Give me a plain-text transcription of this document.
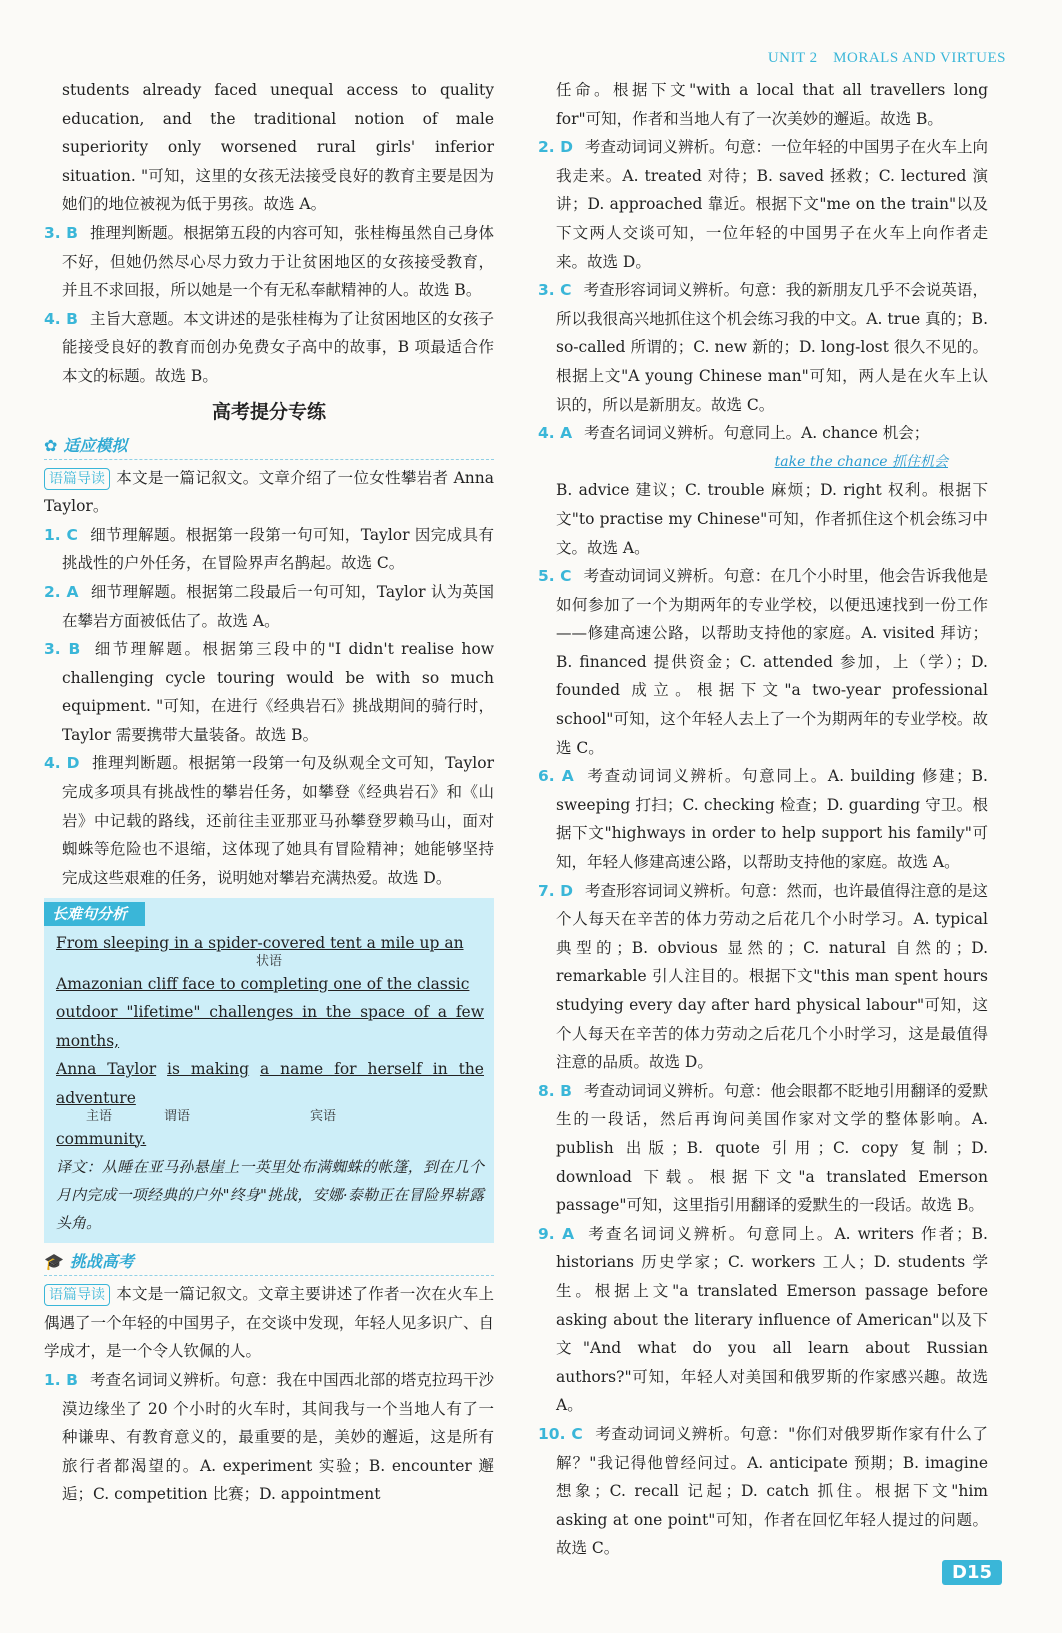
UNIT 2　MORALS AND VIRTUES

students already faced unequal access to quality education, and the traditional notion of male superiority only worsened rural girls' inferior situation. "可知，这里的女孩无法接受良好的教育主要是因为她们的地位被视为低于男孩。故选 A。

3. B 推理判断题。根据第五段的内容可知，张桂梅虽然自己身体不好，但她仍然尽心尽力致力于让贫困地区的女孩接受教育，并且不求回报，所以她是一个有无私奉献精神的人。故选 B。

4. B 主旨大意题。本文讲述的是张桂梅为了让贫困地区的女孩子能接受良好的教育而创办免费女子高中的故事，B 项最适合作本文的标题。故选 B。

高考提分专练
✿ 适应模拟

语篇导读 本文是一篇记叙文。文章介绍了一位女性攀岩者 Anna Taylor。

1. C 细节理解题。根据第一段第一句可知，Taylor 因完成具有挑战性的户外任务，在冒险界声名鹊起。故选 C。

2. A 细节理解题。根据第二段最后一句可知，Taylor 认为英国在攀岩方面被低估了。故选 A。

3. B 细节理解题。根据第三段中的"I didn't realise how challenging cycle touring would be with so much equipment. "可知，在进行《经典岩石》挑战期间的骑行时，Taylor 需要携带大量装备。故选 B。

4. D 推理判断题。根据第一段第一句及纵观全文可知，Taylor 完成多项具有挑战性的攀岩任务，如攀登《经典岩石》和《山岩》中记载的路线，还前往圭亚那亚马孙攀登罗赖马山，面对蜘蛛等危险也不退缩，这体现了她具有冒险精神；她能够坚持完成这些艰难的任务，说明她对攀岩充满热爱。故选 D。

长难句分析

From sleeping in a spider-covered tent a mile up an

状语

Amazonian cliff face to completing one of the classic

outdoor "lifetime" challenges in the space of a few months,

Anna Taylor is making a name for herself in the adventure

主语	谓语	宾语

community.

译文：从睡在亚马孙悬崖上一英里处布满蜘蛛的帐篷，到在几个月内完成一项经典的户外"终身"挑战，安娜·泰勒正在冒险界崭露头角。

🎓 挑战高考

语篇导读 本文是一篇记叙文。文章主要讲述了作者一次在火车上偶遇了一个年轻的中国男子，在交谈中发现，年轻人见多识广、自学成才，是一个令人钦佩的人。

1. B 考查名词词义辨析。句意：我在中国西北部的塔克拉玛干沙漠边缘坐了 20 个小时的火车时，其间我与一个当地人有了一种谦卑、有教育意义的，最重要的是，美妙的邂逅，这是所有旅行者都渴望的。A. experiment 实验；B. encounter 邂逅；C. competition 比赛；D. appointment

任命。根据下文"with a local that all travellers long for"可知，作者和当地人有了一次美妙的邂逅。故选 B。

2. D 考查动词词义辨析。句意：一位年轻的中国男子在火车上向我走来。A. treated 对待；B. saved 拯救；C. lectured 演讲；D. approached 靠近。根据下文"me on the train"以及下文两人交谈可知，一位年轻的中国男子在火车上向作者走来。故选 D。

3. C 考查形容词词义辨析。句意：我的新朋友几乎不会说英语，所以我很高兴地抓住这个机会练习我的中文。A. true 真的；B. so-called 所谓的；C. new 新的；D. long-lost 很久不见的。根据上文"A young Chinese man"可知，两人是在火车上认识的，所以是新朋友。故选 C。

4. A 考查名词词义辨析。句意同上。A. chance 机会；

take the chance 抓住机会

B. advice 建议；C. trouble 麻烦；D. right 权利。根据下文"to practise my Chinese"可知，作者抓住这个机会练习中文。故选 A。

5. C 考查动词词义辨析。句意：在几个小时里，他会告诉我他是如何参加了一个为期两年的专业学校，以便迅速找到一份工作——修建高速公路，以帮助支持他的家庭。A. visited 拜访；B. financed 提供资金；C. attended 参加，上（学）；D. founded 成立。根据下文"a two-year professional school"可知，这个年轻人去上了一个为期两年的专业学校。故选 C。

6. A 考查动词词义辨析。句意同上。A. building 修建；B. sweeping 打扫；C. checking 检查；D. guarding 守卫。根据下文"highways in order to help support his family"可知，年轻人修建高速公路，以帮助支持他的家庭。故选 A。

7. D 考查形容词词义辨析。句意：然而，也许最值得注意的是这个人每天在辛苦的体力劳动之后花几个小时学习。A. typical 典型的；B. obvious 显然的；C. natural 自然的；D. remarkable 引人注目的。根据下文"this man spent hours studying every day after hard physical labour"可知，这个人每天在辛苦的体力劳动之后花几个小时学习，这是最值得注意的品质。故选 D。

8. B 考查动词词义辨析。句意：他会眼都不眨地引用翻译的爱默生的一段话，然后再询问美国作家对文学的整体影响。A. publish 出版；B. quote 引用；C. copy 复制；D. download 下载。根据下文"a translated Emerson passage"可知，这里指引用翻译的爱默生的一段话。故选 B。

9. A 考查名词词义辨析。句意同上。A. writers 作者；B. historians 历史学家；C. workers 工人；D. students 学生。根据上文"a translated Emerson passage before asking about the literary influence of American"以及下文"And what do you all learn about Russian authors?"可知，年轻人对美国和俄罗斯的作家感兴趣。故选 A。

10. C 考查动词词义辨析。句意："你们对俄罗斯作家有什么了解？"我记得他曾经问过。A. anticipate 预期；B. imagine 想象；C. recall 记起；D. catch 抓住。根据下文"him asking at one point"可知，作者在回忆年轻人提过的问题。故选 C。

D15
